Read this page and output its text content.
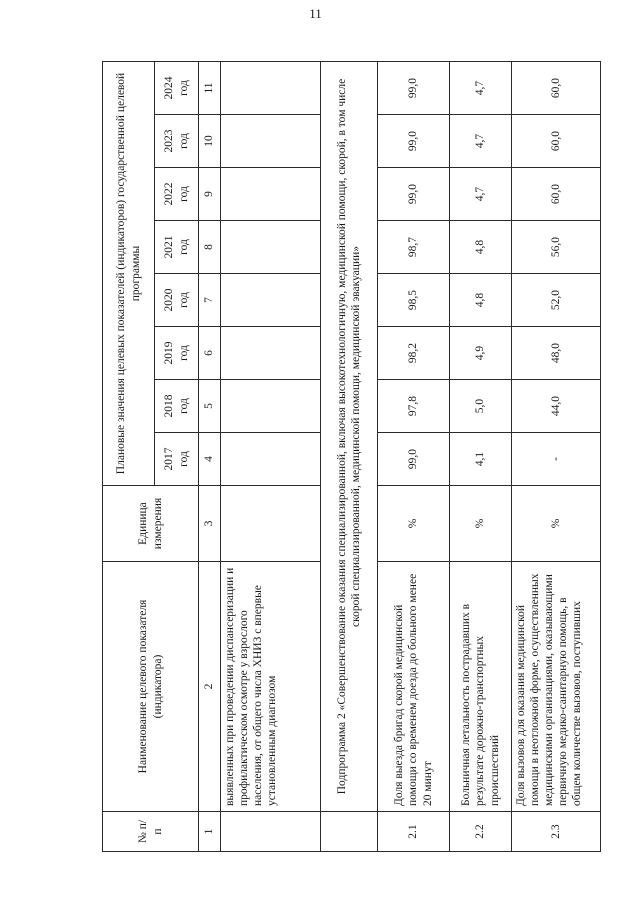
11
№ п/п	Наименование целевого показателя (индикатора)	Единица измерения	Плановые значения целевых показателей (индикаторов) государственной целевой программы							

			2017 год	2018 год	2019 год	2020 год	2021 год	2022 год	2023 год	2024 год

1	2	3	4	5	6	7	8	9	10	11
	выявленных при проведении диспансеризации и профилактическом осмотре у взрослого населения, от общего числа ХНИЗ с впервые установленным диагнозом									
	Подпрограмма 2 «Совершенствование оказания специализированной, включая высокотехнологичную, медицинской помощи, скорой, в том числе скорой специализированной, медицинской помощи, медицинской эвакуации»									
2.1	Доля выезда бригад скорой медицинской помощи со временем доезда до больного менее 20 минут	%	99,0	97,8	98,2	98,5	98,7	99,0	99,0	99,0
2.2	Больничная летальность пострадавших в результате дорожно-транспортных происшествий	%	4,1	5,0	4,9	4,8	4,8	4,7	4,7	4,7
2.3	Доля вызовов для оказания медицинской помощи в неотложной форме, осуществленных медицинскими организациями, оказывающими первичную медико-санитарную помощь, в общем количестве вызовов, поступивших	%	-	44,0	48,0	52,0	56,0	60,0	60,0	60,0
